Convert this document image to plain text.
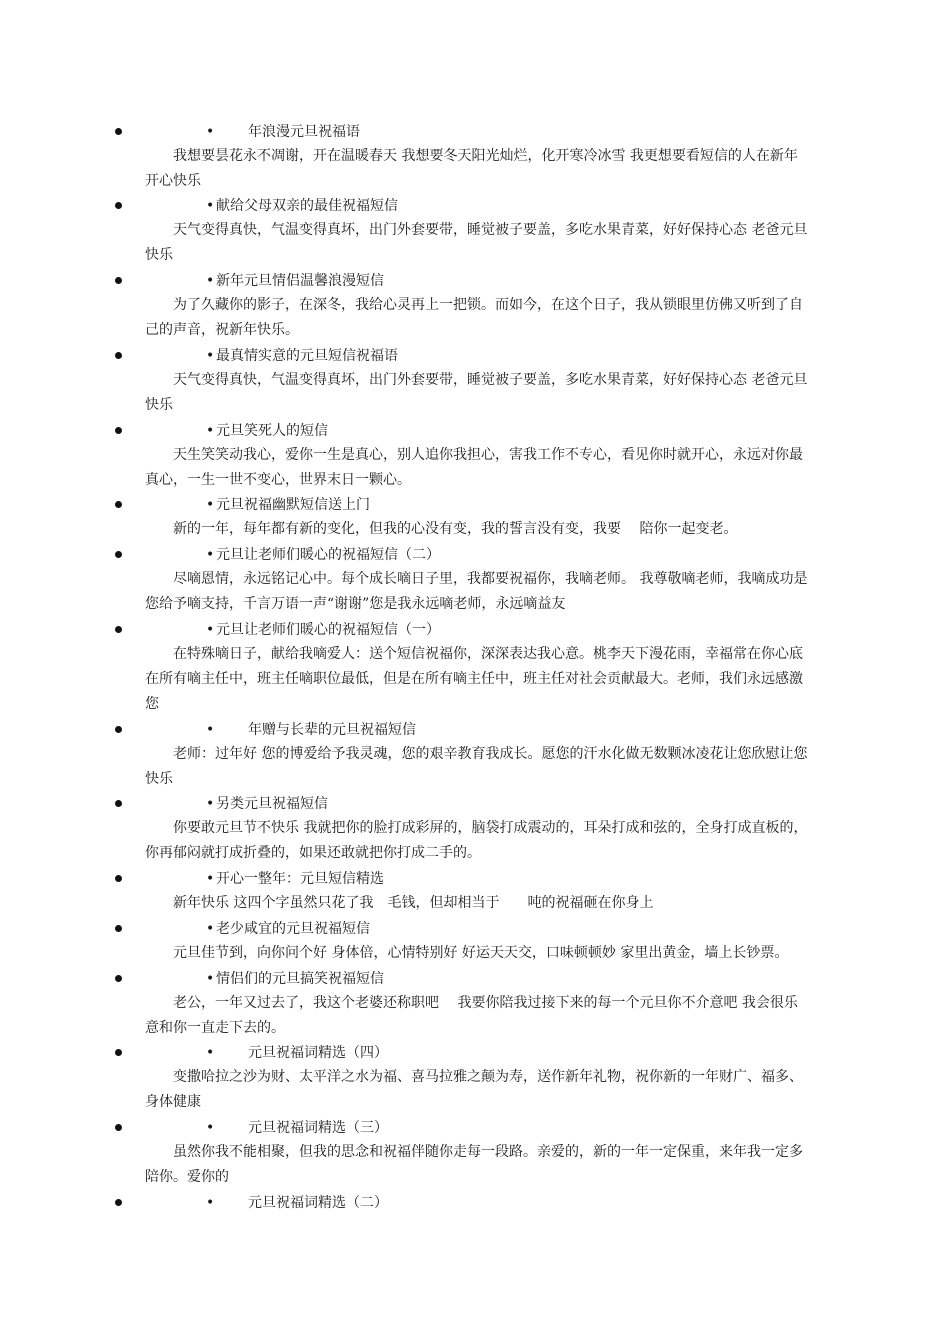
• 年浪漫元旦祝福语
我想要昙花永不凋谢，开在温暖春天 我想要冬天阳光灿烂，化开寒冷冰雪 我更想要看短信的人在新年开心快乐
• 献给父母双亲的最佳祝福短信
天气变得真快，气温变得真坏，出门外套要带，睡觉被子要盖，多吃水果青菜，好好保持心态 老爸元旦快乐
• 新年元旦情侣温馨浪漫短信
为了久藏你的影子，在深冬，我给心灵再上一把锁。而如今，在这个日子，我从锁眼里仿佛又听到了自己的声音，祝新年快乐。
• 最真情实意的元旦短信祝福语
天气变得真快，气温变得真坏，出门外套要带，睡觉被子要盖，多吃水果青菜，好好保持心态 老爸元旦快乐
• 元旦笑死人的短信
天生笑笑动我心，爱你一生是真心，别人追你我担心，害我工作不专心，看见你时就开心，永远对你最真心，一生一世不变心，世界末日一颗心。
• 元旦祝福幽默短信送上门
新的一年，每年都有新的变化，但我的心没有变，我的誓言没有变，我要　 陪你一起变老。
• 元旦让老师们暖心的祝福短信（二）
尽嘀恩情，永远铭记心中。每个成长嘀日子里，我都要祝福你，我嘀老师。 我尊敬嘀老师，我嘀成功是您给予嘀支持，千言万语一声“谢谢”您是我永远嘀老师，永远嘀益友
• 元旦让老师们暖心的祝福短信（一）
在特殊嘀日子，献给我嘀爱人：送个短信祝福你，深深表达我心意。桃李天下漫花雨，幸福常在你心底　在所有嘀主任中，班主任嘀职位最低，但是在所有嘀主任中，班主任对社会贡献最大。老师，我们永远感激您
• 年赠与长辈的元旦祝福短信
老师：过年好 您的博爱给予我灵魂，您的艰辛教育我成长。愿您的汗水化做无数颗冰凌花让您欣慰让您快乐
• 另类元旦祝福短信
你要敢元旦节不快乐 我就把你的脸打成彩屏的，脑袋打成震动的，耳朵打成和弦的，全身打成直板的，你再郁闷就打成折叠的，如果还敢就把你打成二手的。
• 开心一整年：元旦短信精选
新年快乐 这四个字虽然只花了我　毛钱，但却相当于　　吨的祝福砸在你身上
• 老少咸宜的元旦祝福短信
元旦佳节到，向你问个好 身体倍，心情特别好 好运天天交，口味顿顿妙 家里出黄金，墙上长钞票。
• 情侣们的元旦搞笑祝福短信
老公，一年又过去了，我这个老婆还称职吧　 我要你陪我过接下来的每一个元旦你不介意吧 我会很乐意和你一直走下去的。
• 元旦祝福词精选（四）
变撒哈拉之沙为财、太平洋之水为福、喜马拉雅之颠为寿，送作新年礼物，祝你新的一年财广、福多、身体健康
• 元旦祝福词精选（三）
虽然你我不能相聚，但我的思念和祝福伴随你走每一段路。亲爱的，新的一年一定保重，来年我一定多陪你。爱你的
• 元旦祝福词精选（二）
